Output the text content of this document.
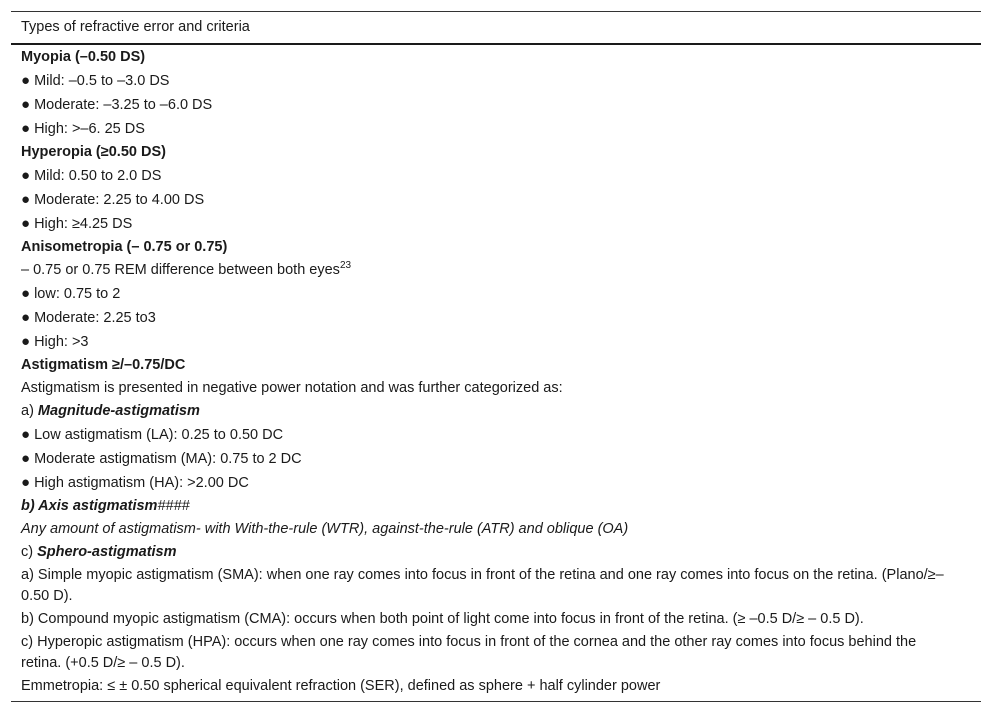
Types of refractive error and criteria
Myopia (–0.50 DS)
● Mild: –0.5 to –3.0 DS
● Moderate: –3.25 to –6.0 DS
● High: >–6. 25 DS
Hyperopia (≥0.50 DS)
● Mild: 0.50 to 2.0 DS
● Moderate: 2.25 to 4.00 DS
● High: ≥4.25 DS
Anisometropia (– 0.75 or 0.75)
– 0.75 or 0.75 REM difference between both eyes$^{23}$
● low: 0.75 to 2
● Moderate: 2.25 to3
● High: >3
Astigmatism ≥/–0.75/DC
Astigmatism is presented in negative power notation and was further categorized as:
a) Magnitude-astigmatism
● Low astigmatism (LA): 0.25 to 0.50 DC
● Moderate astigmatism (MA): 0.75 to 2 DC
● High astigmatism (HA): >2.00 DC
b) Axis astigmatism####
Any amount of astigmatism- with With-the-rule (WTR), against-the-rule (ATR) and oblique (OA)
c) Sphero-astigmatism
a) Simple myopic astigmatism (SMA): when one ray comes into focus in front of the retina and one ray comes into focus on the retina. (Plano/≥– 0.50 D).
b) Compound myopic astigmatism (CMA): occurs when both point of light come into focus in front of the retina. (≥ –0.5 D/≥ – 0.5 D).
c) Hyperopic astigmatism (HPA): occurs when one ray comes into focus in front of the cornea and the other ray comes into focus behind the retina. (+0.5 D/≥ – 0.5 D).
Emmetropia: ≤ ± 0.50 spherical equivalent refraction (SER), defined as sphere + half cylinder power
